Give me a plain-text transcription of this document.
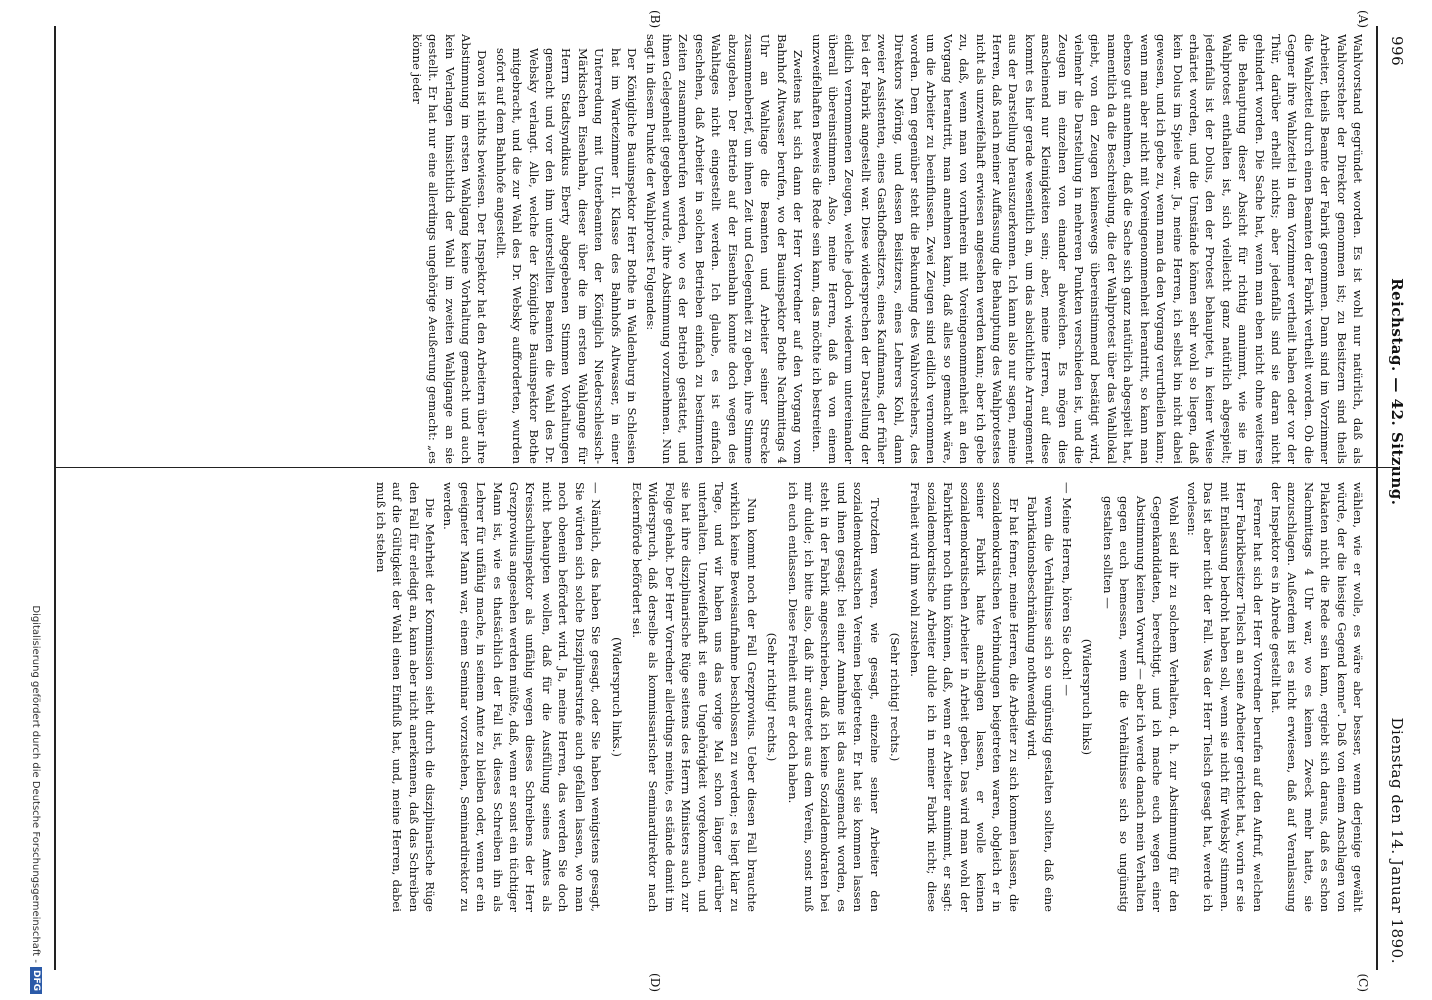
996
Reichstag. — 42. Sitzung.
Dienstag den 14. Januar 1890.
(A)
(B)
(C)
(D)

Wahlvorstand gegründet worden. Es ist wohl nur natürlich, daß als Wahlvorsteher der Direktor genommen ist; zu Beisitzern sind theils Arbeiter, theils Beamte der Fabrik genommen. Dann sind im Vorzimmer die Wahlzettel durch einen Beamten der Fabrik vertheilt worden. Ob die Gegner ihre Wahlzettel in dem Vorzimmer vertheilt haben oder vor der Thür, darüber erhellt nichts; aber jedenfalls sind sie daran nicht gehindert worden. Die Sache hat, wenn man eben nicht ohne weiteres die Behauptung dieser Absicht für richtig annimmt, wie sie im Wahlprotest enthalten ist, sich vielleicht ganz natürlich abgespielt; jedenfalls ist der Dolus, den der Protest behauptet, in keiner Weise erhärtet worden, und die Umstände können sehr wohl so liegen, daß kein Dolus im Spiele war. Ja, meine Herren, ich selbst bin nicht dabei gewesen, und ich gebe zu, wenn man da den Vorgang verurtheilen kann; wenn man aber nicht mit Voreingenommenheit herantritt, so kann man ebenso gut annehmen, daß die Sache sich ganz natürlich abgespielt hat, namentlich da die Beschreibung, die der Wahlprotest über das Wahllokal giebt, von den Zeugen keineswegs übereinstimmend bestätigt wird, vielmehr die Darstellung in mehreren Punkten verschieden ist, und die Zeugen im einzelnen von einander abweichen. Es mögen dies anscheinend nur Kleinigkeiten sein; aber, meine Herren, auf diese kommt es hier gerade wesentlich an, um das absichtliche Arrangement aus der Darstellung herauszuerkennen. Ich kann also nur sagen, meine Herren, daß nach meiner Auffassung die Behauptung des Wahlprotestes nicht als unzweifelhaft erwiesen angesehen werden kann; aber ich gebe zu, daß, wenn man von vornherein mit Voreingenommenheit an den Vorgang herantritt, man annehmen kann, daß alles so gemacht wäre, um die Arbeiter zu beeinflussen. Zwei Zeugen sind eidlich vernommen worden. Dem gegenüber steht die Bekundung des Wahlvorstehers, des Direktors Möring, und dessen Beisitzers, eines Lehrers Kohl, dann zweier Assistenten, eines Gasthofbesitzers, eines Kaufmanns, der früher bei der Fabrik angestellt war. Diese widersprechen der Darstellung der eidlich vernommenen Zeugen, welche jedoch wiederum untereinander überall übereinstimmen. Also, meine Herren, daß da von einem unzweifelhaften Beweis die Rede sein kann, das möchte ich bestreiten.

Zweitens hat sich dann der Herr Vorredner auf den Vorgang vom Bahnhof Altwasser berufen, wo der Bauinspektor Bothe Nachmittags 4 Uhr an Wahltage die Beamten und Arbeiter seiner Strecke zusammenberief, um ihnen Zeit und Gelegenheit zu geben, ihre Stimme abzugeben. Der Betrieb auf der Eisenbahn konnte doch wegen des Wahltages nicht eingestellt werden. Ich glaube, es ist einfach geschehen, daß Arbeiter in solchen Betrieben einfach zu bestimmten Zeiten zusammenberufen werden, wo es der Betrieb gestattet, und ihnen Gelegenheit gegeben wurde, ihre Abstimmung vorzunehmen. Nun sagt in diesem Punkte der Wahlprotest Folgendes:

Der Königliche Bauinspektor Herr Bothe in Waldenburg in Schlesien hat im Wartezimmer II. Klasse des Bahnhofs Altwasser, in einer Unterredung mit Unterbeamten der Königlich Niederschlesisch-Märkischen Eisenbahn, dieser über die im ersten Wahlgange für Herrn Stadtsyndikus Eberty abgegebenen Stimmen Vorhaltungen gemacht und vor den ihm unterstellten Beamten die Wahl des Dr. Websky verlangt. Alle, welche der Königliche Bauinspektor Bothe mitgebracht, und die zur Wahl des Dr. Websky aufforderten, wurden sofort auf dem Bahnhofe angestellt.

Davon ist nichts bewiesen. Der Inspektor hat den Arbeitern über ihre Abstimmung im ersten Wahlgang keine Vorhaltung gemacht und auch kein Verlangen hinsichtlich der Wahl im zweiten Wahlgange an sie gestellt. Er hat nur eine allerdings ungehörige Aeußerung gemacht: „es könne jeder

wählen, wie er wolle, es wäre aber besser, wenn derjenige gewählt würde, der die hiesige Gegend kenne". Daß von einem Anschlagen von Plakaten nicht die Rede sein kann, ergiebt sich daraus, daß es schon Nachmittags 4 Uhr war, wo es keinen Zweck mehr hatte, sie anzuschlagen. Außerdem ist es nicht erwiesen, daß auf Veranlassung der Inspektor es in Abrede gestellt hat.

Ferner hat sich der Herr Vorredner berufen auf den Aufruf, welchen Herr Fabrikbesitzer Tielsch an seine Arbeiter gerichtet hat, worin er sie mit Entlassung bedroht haben soll, wenn sie nicht für Websky stimmen. Das ist aber nicht der Fall. Was der Herr Tielsch gesagt hat, werde ich vorlesen:

Wohl seid ihr zu solchem Verhalten, d. h. zur Abstimmung für den Gegenkandidaten, berechtigt, und ich mache euch wegen einer Abstimmung keinen Vorwurf — aber ich werde danach mein Verhalten gegen euch bemessen, wenn die Verhältnisse sich so ungünstig gestalten sollten —

(Widerspruch links)

— Meine Herren, hören Sie doch! —

wenn die Verhältnisse sich so ungünstig gestalten sollten, daß eine Fabrikationsbeschränkung nothwendig wird.

Er hat ferner, meine Herren, die Arbeiter zu sich kommen lassen, die sozialdemokratischen Verbindungen beigetreten waren, obgleich er in seiner Fabrik hatte anschlagen lassen, er wolle keinen sozialdemokratischen Arbeiter in Arbeit geben. Das wird man wohl der Fabrikherr noch thun können, daß, wenn er Arbeiter annimmt, er sagt: sozialdemokratische Arbeiter dulde ich in meiner Fabrik nicht; diese Freiheit wird ihm wohl zustehen.

(Sehr richtig! rechts.)

Trotzdem waren, wie gesagt, einzelne seiner Arbeiter den sozialdemokratischen Vereinen beigetreten. Er hat sie kommen lassen und ihnen gesagt: bei einer Annahme ist das ausgemacht worden, es steht in der Fabrik angeschrieben, daß ich keine Sozialdemokraten bei mir dulde; ich bitte also, daß ihr austretet aus dem Verein, sonst muß ich euch entlassen. Diese Freiheit muß er doch haben.

(Sehr richtig! rechts.)

Nun kommt noch der Fall Grezprowius. Ueber diesen Fall brauchte wirklich keine Beweisaufnahme beschlossen zu werden; es liegt klar zu Tage, und wir haben uns das vorige Mal schon länger darüber unterhalten. Unzweifelhaft ist eine Ungehörigkeit vorgekommen, und sie hat ihre disziplinarische Rüge seitens des Herrn Ministers auch zur Folge gehabt. Der Herr Vorredner allerdings meinte, es stände damit im Widerspruch, daß derselbe als kommissarischer Seminardirektor nach Eckernförde befördert sei.

(Widerspruch links.)

— Nämlich, das haben Sie gesagt, oder Sie haben wenigstens gesagt, Sie würden sich solche Disziplinarstrafe auch gefallen lassen, wo man noch obenein befördert wird. Ja, meine Herren, das werden Sie doch nicht behaupten wollen, daß für die Ausfüllung seines Amtes als Kreisschulinspektor als unfähig wegen dieses Schreibens der Herr Grezprowius angesehen werden müßte, daß, wenn er sonst ein tüchtiger Mann ist, wie es thatsächlich der Fall ist, dieses Schreiben ihn als Lehrer für unfähig mache, in seinem Amte zu bleiben oder, wenn er ein geeigneter Mann war, einem Seminar vorzustehen, Seminardirektor zu werden.

Die Mehrheit der Kommission sieht durch die disziplinarische Rüge den Fall für erledigt an, kann aber nicht anerkennen, daß das Schreiben auf die Gültigkeit der Wahl einen Einfluß hat, und, meine Herren, dabei muß ich stehen

Digitalisierung gefördert durch die Deutsche Forschungsgemeinschaft -
DFG
